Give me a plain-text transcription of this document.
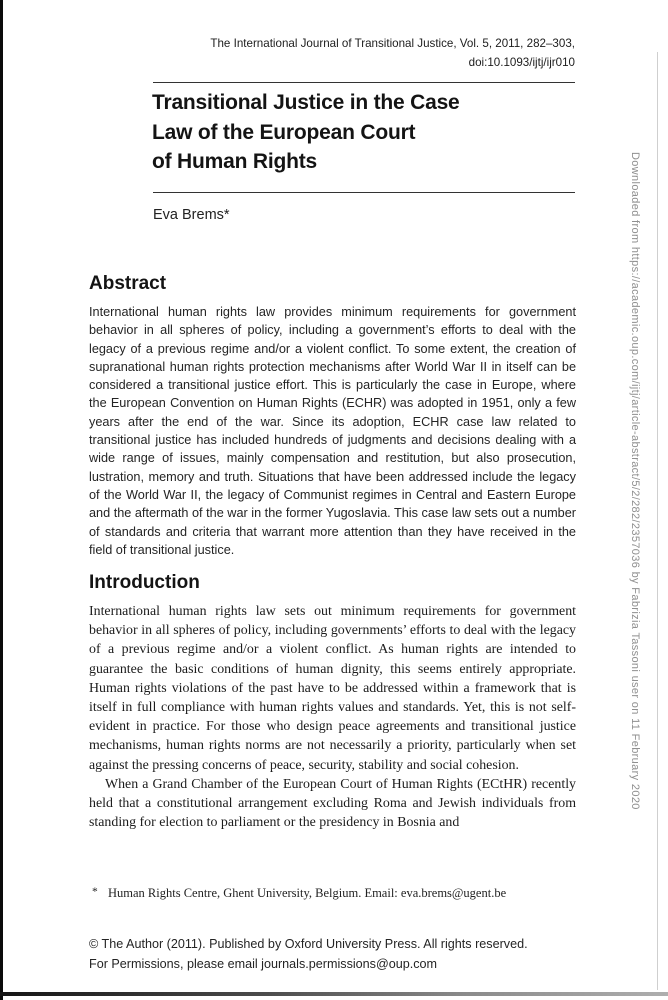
The International Journal of Transitional Justice, Vol. 5, 2011, 282–303,
doi:10.1093/ijtj/ijr010
Transitional Justice in the Case
Law of the European Court
of Human Rights
Eva Brems*
Abstract

International human rights law provides minimum requirements for government behavior in all spheres of policy, including a government’s efforts to deal with the legacy of a previous regime and/or a violent conflict. To some extent, the creation of supranational human rights protection mechanisms after World War II in itself can be considered a transitional justice effort. This is particularly the case in Europe, where the European Convention on Human Rights (ECHR) was adopted in 1951, only a few years after the end of the war. Since its adoption, ECHR case law related to transitional justice has included hundreds of judgments and decisions dealing with a wide range of issues, mainly compensation and restitution, but also prosecution, lustration, memory and truth. Situations that have been addressed include the legacy of the World War II, the legacy of Communist regimes in Central and Eastern Europe and the aftermath of the war in the former Yugoslavia. This case law sets out a number of standards and criteria that warrant more attention than they have received in the field of transitional justice.

Introduction

International human rights law sets out minimum requirements for government behavior in all spheres of policy, including governments’ efforts to deal with the legacy of a previous regime and/or a violent conflict. As human rights are intended to guarantee the basic conditions of human dignity, this seems entirely appropriate. Human rights violations of the past have to be addressed within a framework that is itself in full compliance with human rights values and standards. Yet, this is not self-evident in practice. For those who design peace agreements and transitional justice mechanisms, human rights norms are not necessarily a priority, particularly when set against the pressing concerns of peace, security, stability and social cohesion.

When a Grand Chamber of the European Court of Human Rights (ECtHR) recently held that a constitutional arrangement excluding Roma and Jewish individuals from standing for election to parliament or the presidency in Bosnia and

* Human Rights Centre, Ghent University, Belgium. Email: eva.brems@ugent.be
© The Author (2011). Published by Oxford University Press. All rights reserved.
For Permissions, please email journals.permissions@oup.com
Downloaded from https://academic.oup.com/ijtj/article-abstract/5/2/282/2357036 by Fabrizia Tassoni user on 11 February 2020
